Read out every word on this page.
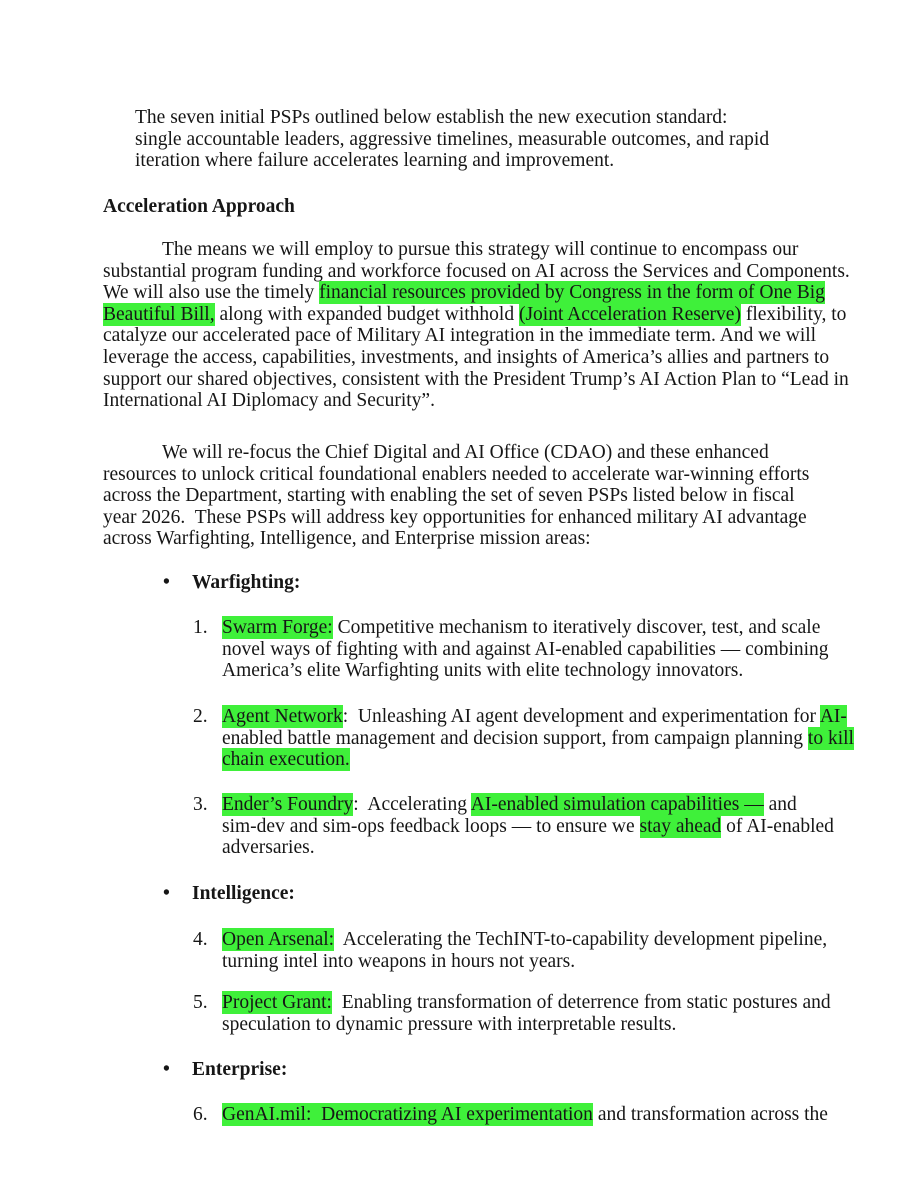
The seven initial PSPs outlined below establish the new execution standard:
single accountable leaders, aggressive timelines, measurable outcomes, and rapid
iteration where failure accelerates learning and improvement.
Acceleration Approach
The means we will employ to pursue this strategy will continue to encompass our
substantial program funding and workforce focused on AI across the Services and Components.
We will also use the timely financial resources provided by Congress in the form of One Big
Beautiful Bill, along with expanded budget withhold (Joint Acceleration Reserve) flexibility, to
catalyze our accelerated pace of Military AI integration in the immediate term. And we will
leverage the access, capabilities, investments, and insights of America’s allies and partners to
support our shared objectives, consistent with the President Trump’s AI Action Plan to “Lead in
International AI Diplomacy and Security”.
We will re-focus the Chief Digital and AI Office (CDAO) and these enhanced
resources to unlock critical foundational enablers needed to accelerate war-winning efforts
across the Department, starting with enabling the set of seven PSPs listed below in fiscal
year 2026.  These PSPs will address key opportunities for enhanced military AI advantage
across Warfighting, Intelligence, and Enterprise mission areas:
• Warfighting:
1. Swarm Forge: Competitive mechanism to iteratively discover, test, and scale
novel ways of fighting with and against AI-enabled capabilities — combining
America’s elite Warfighting units with elite technology innovators.
2. Agent Network:  Unleashing AI agent development and experimentation for AI-
enabled battle management and decision support, from campaign planning to kill
chain execution.
3. Ender’s Foundry:  Accelerating AI-enabled simulation capabilities — and
sim-dev and sim-ops feedback loops — to ensure we stay ahead of AI-enabled
adversaries.
• Intelligence:
4. Open Arsenal:  Accelerating the TechINT-to-capability development pipeline,
turning intel into weapons in hours not years.
5. Project Grant:  Enabling transformation of deterrence from static postures and
speculation to dynamic pressure with interpretable results.
• Enterprise:
6. GenAI.mil:  Democratizing AI experimentation and transformation across the
